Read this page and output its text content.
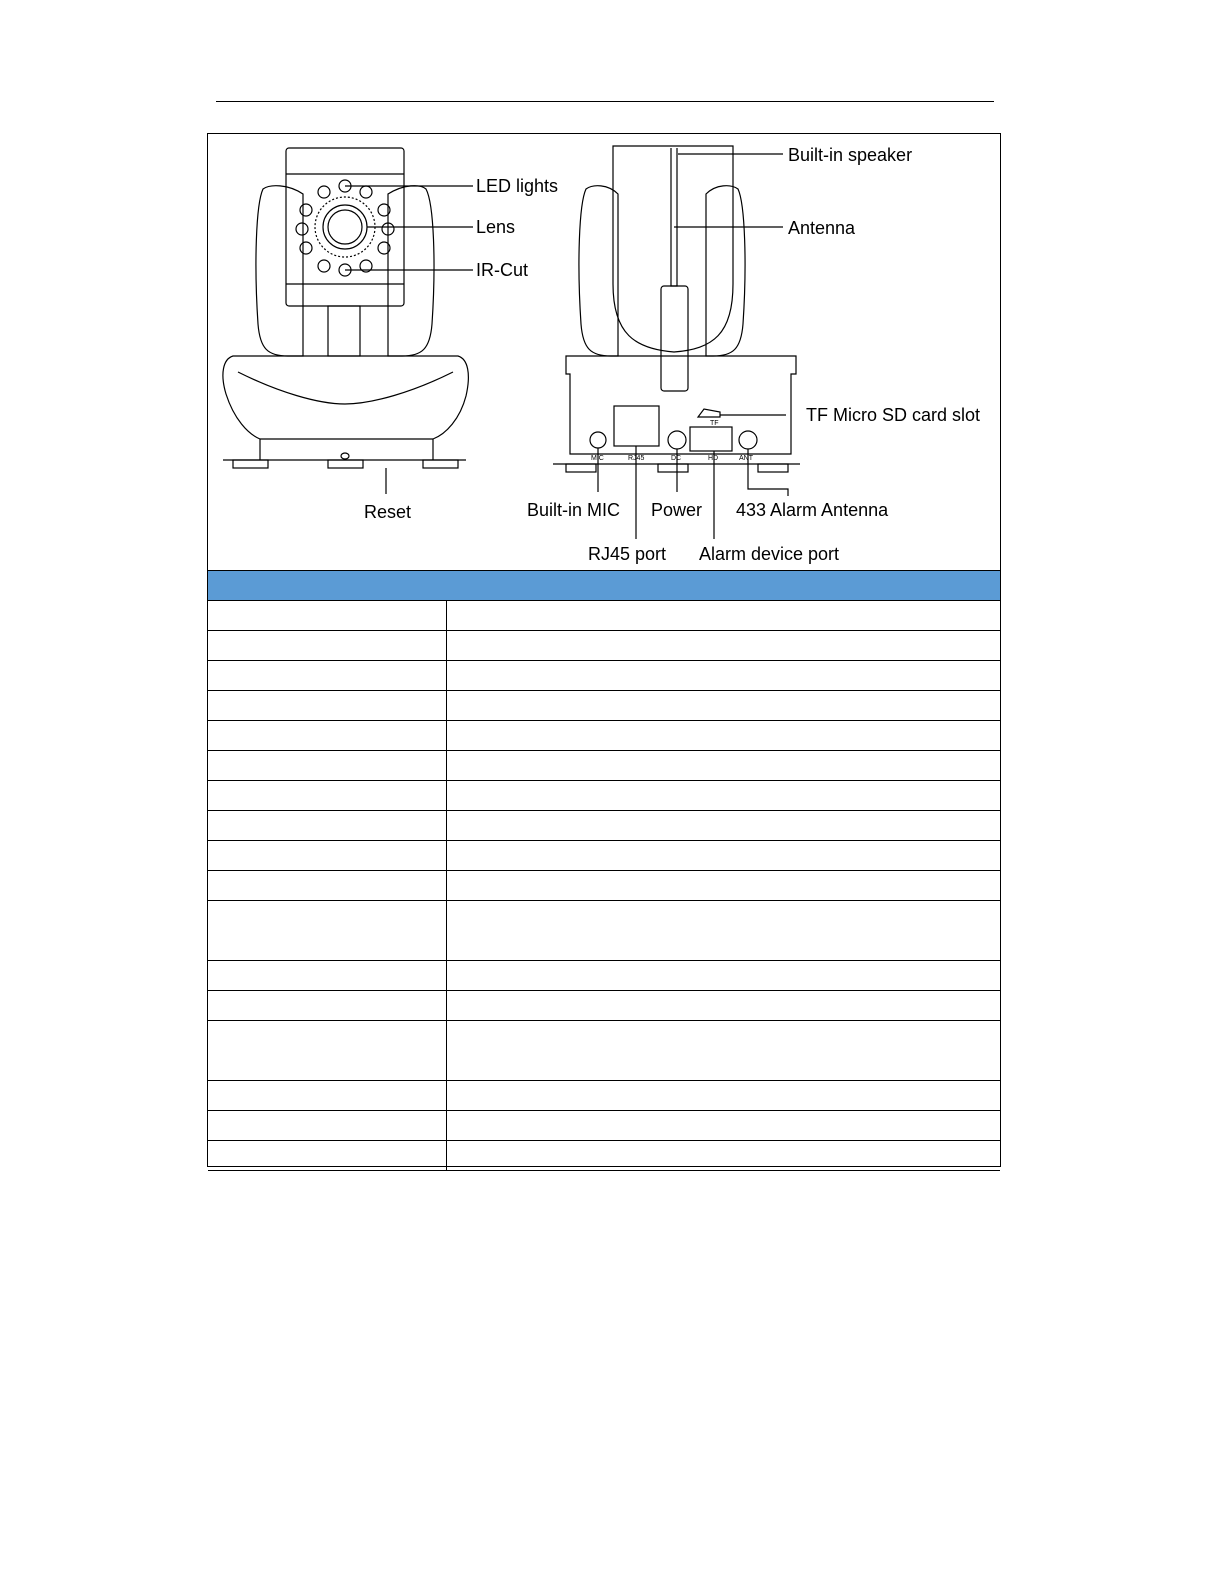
MIC	RJ45	DC	HD	ANT
TF
LED lights
Lens
IR-Cut
Reset
Built-in speaker
Antenna
TF Micro SD card slot
Built-in MIC Power 433 Alarm Antenna
RJ45 port Alarm device port
